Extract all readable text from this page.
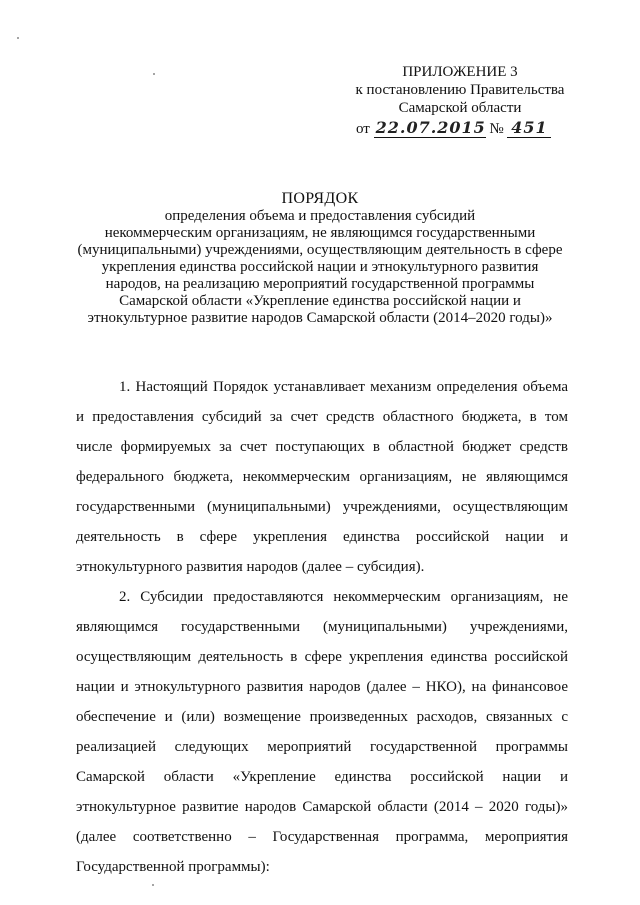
ПРИЛОЖЕНИЕ 3
к постановлению Правительства
Самарской области
от 22.07.2015 № 451
ПОРЯДОК
определения объема и предоставления субсидий
некоммерческим организациям, не являющимся государственными
(муниципальными) учреждениями, осуществляющим деятельность в сфере
укрепления единства российской нации и этнокультурного развития
народов, на реализацию мероприятий государственной программы
Самарской области «Укрепление единства российской нации и
этнокультурное развитие народов Самарской области (2014–2020 годы)»

1. Настоящий Порядок устанавливает механизм определения объема и предоставления субсидий за счет средств областного бюджета, в том числе формируемых за счет поступающих в областной бюджет средств федерального бюджета, некоммерческим организациям, не являющимся государственными (муниципальными) учреждениями, осуществляющим деятельность в сфере укрепления единства российской нации и этнокультурного развития народов (далее – субсидия).

2. Субсидии предоставляются некоммерческим организациям, не являющимся государственными (муниципальными) учреждениями, осуществляющим деятельность в сфере укрепления единства российской нации и этнокультурного развития народов (далее – НКО), на финансовое обеспечение и (или) возмещение произведенных расходов, связанных с реализацией следующих мероприятий государственной программы Самарской области «Укрепление единства российской нации и этнокультурное развитие народов Самарской области (2014 – 2020 годы)» (далее соответственно – Государственная программа, мероприятия Государственной программы):
